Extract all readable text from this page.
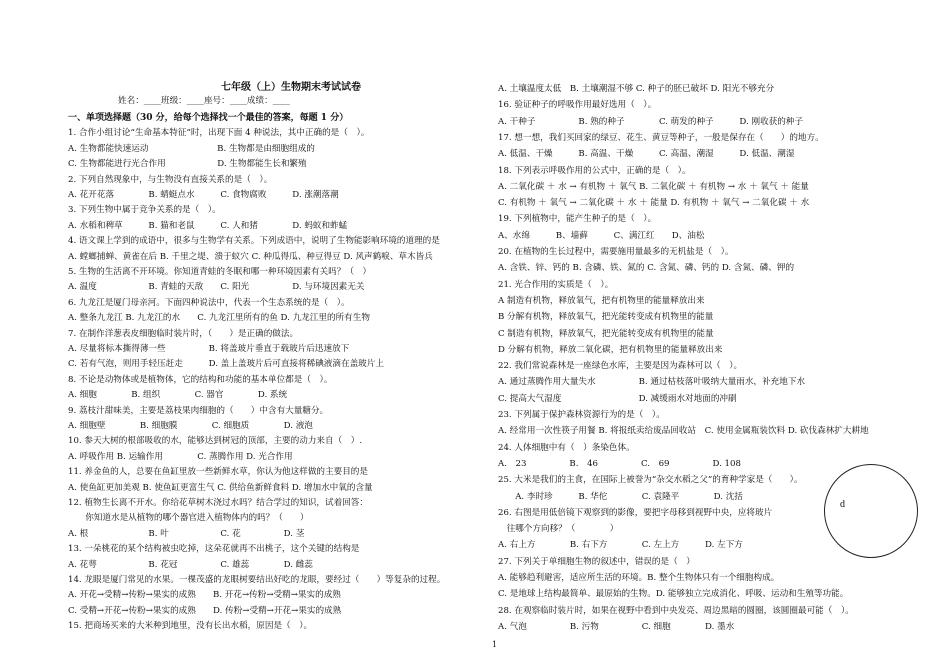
七年级（上）生物期末考试试卷
姓名：____班级：____座号：____成绩：____
d
1
一、单项选择题（30 分，给每个选择找一个最佳的答案，每题 1 分）
1. 合作小组讨论“生命基本特征”时，出现下面 4 种说法，其中正确的是（　）。
A. 生物都能快速运动　　　　　　　　B. 生物都是由细胞组成的
C. 生物都能进行光合作用　　　　　　D. 生物都能生长和繁殖
2. 下列自然现象中，与生物没有直接关系的是（　）。
A. 花开花落　　　　B. 蜻蜓点水　　　C. 食物腐败　　　D. 涨潮落潮
3. 下列生物中属于竞争关系的是（　）。
A. 水稻和稗草　　　B. 猫和老鼠　　　C. 人和猪　　　　D. 蚂蚁和蚱蜢
4. 语文课上学到的成语中，很多与生物学有关系。下列成语中，说明了生物能影响环境的道理的是
A. 螳螂捕蝉、黄雀在后 B. 千里之堤、溃于蚁穴 C. 种瓜得瓜、种豆得豆 D. 风声鹤唳、草木皆兵
5. 生物的生活离不开环境。你知道青蛙的冬眠和哪一种环境因素有关吗？（　）
A. 温度　　　　　　B. 青蛙的天敌　　C. 阳光　　　　　D. 与环境因素无关
6. 九龙江是厦门母亲河。下面四种说法中，代表一个生态系统的是（　）。
A. 整条九龙江 B. 九龙江的水　　C. 九龙江里所有的鱼 D. 九龙江里的所有生物
7. 在制作洋葱表皮细胞临时装片时，（　　）是正确的做法。
A. 尽量将标本撕得薄一些　　　　　B. 将盖玻片垂直于载玻片后迅速放下
C. 若有气泡，则用手轻压赶走　　　D. 盖上盖玻片后可直接将稀碘液滴在盖玻片上
8. 不论是动物体或是植物体，它的结构和功能的基本单位都是（　）。
A. 细胞　　　　B. 组织　　　　C. 器官　　　　D. 系统
9. 荔枝汁甜味美，主要是荔枝果肉细胞的（　　）中含有大量糖分。
A. 细胞壁　　　　B. 细胞膜　　　　C. 细胞质　　　　D. 液泡
10. 参天大树的根部吸收的水，能够达到树冠的顶部，主要的动力来自（　）.
A. 呼吸作用 B. 运输作用　　　　C. 蒸腾作用 D. 光合作用
11. 养金鱼的人，总要在鱼缸里放一些新鲜水草，你认为他这样做的主要目的是
A. 使鱼缸更加美观 B. 使鱼缸更富生气 C. 供给鱼新鲜食料 D. 增加水中氧的含量
12. 植物生长离不开水。你给花草树木浇过水吗？结合学过的知识，试着回答：
　　你知道水是从植物的哪个器官进入植物体内的吗？（　　）
A. 根　　　　　　　B. 叶　　　　　　C. 花　　　　　D. 茎
13. 一朵桃花的某个结构被虫吃掉，这朵花就再不出桃子，这个关键的结构是
A. 花萼　　　　　　B. 花冠　　　　　C. 雄蕊　　　　D. 雌蕊
14. 龙眼是厦门常见的水果。一棵茂盛的龙眼树要结出好吃的龙眼，要经过（　　）等复杂的过程。
A. 开花→受精→传粉→果实的成熟　　B. 开花→传粉→受精→果实的成熟
C. 受精→开花→传粉→果实的成熟　　D. 传粉→受精→开花→果实的成熟
15. 把商场买来的大米种到地里，没有长出水稻，原因是（　）。
A. 土壤温度太低　B. 土壤潮湿不够 C. 种子的胚已破坏 D. 阳光不够充分
16. 验证种子的呼吸作用最好选用（　）。
A. 干种子　　　　　B. 熟的种子　　　　C. 萌发的种子　　　D. 刚收获的种子
17. 想一想，我们买回家的绿豆、花生、黄豆等种子，一般是保存在（　　）的地方。
A. 低温、干燥　　　B. 高温、干燥　　　C. 高温、潮湿　　　D. 低温、潮湿
18. 下列表示呼吸作用的公式中，正确的是（　）。
A. 二氧化碳 ＋ 水 → 有机物 ＋ 氧气 B. 二氧化碳 ＋ 有机物 → 水 ＋ 氧气 ＋ 能量
C. 有机物 ＋ 氧气 → 二氧化碳 ＋ 水 ＋ 能量 D. 有机物 ＋ 氧气 → 二氧化碳 ＋ 水
19. 下列植物中，能产生种子的是（　）。
A、水绵　　　B、墙藓　　　C、满江红　　D、油松
20. 在植物的生长过程中，需要施用量最多的无机盐是（　）。
A. 含铁、锌、钙的 B. 含磷、铁、氮的 C. 含氮、磷、钙的 D. 含氮、磷、钾的
21. 光合作用的实质是（　）。
A 制造有机物，释放氧气，把有机物里的能量释放出来
B 分解有机物，释放氧气，把光能转变成有机物里的能量
C 制造有机物，释放氧气，把光能转变成有机物里的能量
D 分解有机物，释放二氧化碳，把有机物里的能量释放出来
22. 我们常说森林是一座绿色水库，主要是因为森林可以（　）。
A. 通过蒸腾作用大量失水　　　　　B. 通过枯枝落叶吸纳大量雨水，补充地下水
C. 提高大气湿度　　　　　　　　　D. 减缓雨水对地面的冲刷
23. 下列属于保护森林资源行为的是（　）。
A. 经常用一次性筷子用餐 B. 将报纸卖给废品回收站　C. 使用金属瓶装饮料 D. 砍伐森林扩大耕地
24. 人体细胞中有（　）条染色体。
A.　23　　　　　B.　46　　　　　C.　69　　　　　D. 108
25. 大米是我们的主食，在国际上被誉为“杂交水稻之父”的育种学家是（　　）。
　　A. 李时珍　　　B. 华佗　　　　C. 袁隆平　　　　D. 沈括
26. 右图是用低倍镜下观察到的影像，要把字母移到视野中央，应将玻片
　往哪个方向移？（　　　　）
A. 右上方　　　　B. 右下方　　　　C. 左上方　　　D. 左下方
27. 下列关于单细胞生物的叙述中，错误的是（　）
A. 能够趋利避害，适应所生活的环境。B. 整个生物体只有一个细胞构成。
C. 是地球上结构最简单、最原始的生物。D. 能够独立完成消化、呼吸、运动和生殖等功能。
28. 在观察临时装片时，如果在视野中看到中央发亮、周边黑暗的圆圈，该圆圈最可能（　）。
A. 气泡　　　　　B. 污物　　　　　C. 细胞　　　　D. 墨水
